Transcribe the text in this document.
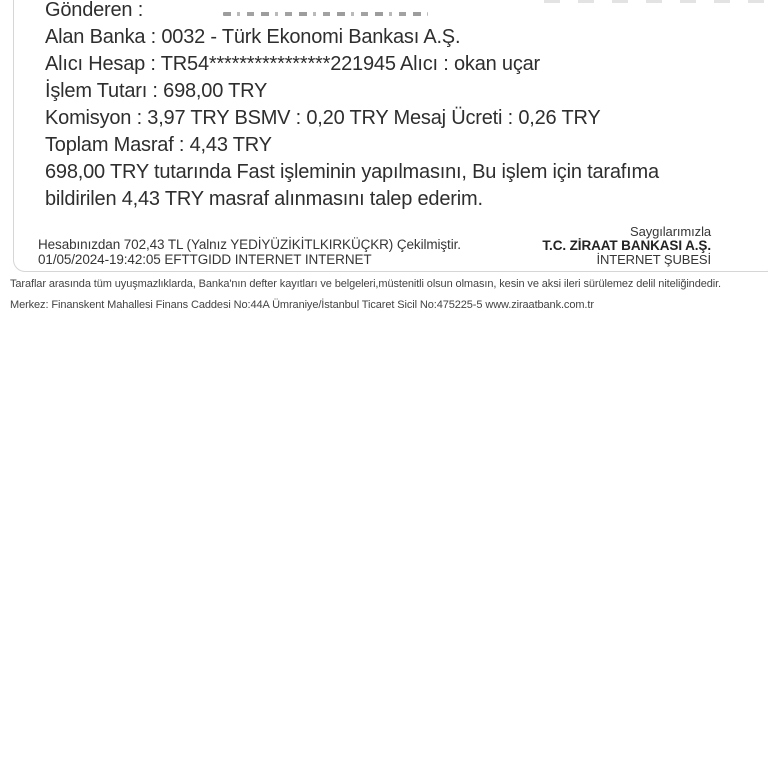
Gönderen :
Alan Banka : 0032 - Türk Ekonomi Bankası A.Ş.
Alıcı Hesap : TR54****************221945 Alıcı : okan uçar
İşlem Tutarı : 698,00 TRY
Komisyon : 3,97 TRY BSMV : 0,20 TRY Mesaj Ücreti : 0,26 TRY
Toplam Masraf : 4,43 TRY
698,00 TRY tutarında Fast işleminin yapılmasını, Bu işlem için tarafıma bildirilen 4,43 TRY masraf alınmasını talep ederim.
Hesabınızdan 702,43 TL (Yalnız YEDİYÜZİKİTLKIRKÜÇKR) Çekilmiştir.
01/05/2024-19:42:05 EFTTGIDD INTERNET INTERNET
Saygılarımızla
T.C. ZİRAAT BANKASI A.Ş.
İNTERNET ŞUBESİ
Taraflar arasında tüm uyuşmazlıklarda, Banka'nın defter kayıtları ve belgeleri,müstenitli olsun olmasın, kesin ve aksi ileri sürülemez delil niteliğindedir.
Merkez: Finanskent Mahallesi Finans Caddesi No:44A Ümraniye/İstanbul Ticaret Sicil No:475225-5 www.ziraatbank.com.tr
